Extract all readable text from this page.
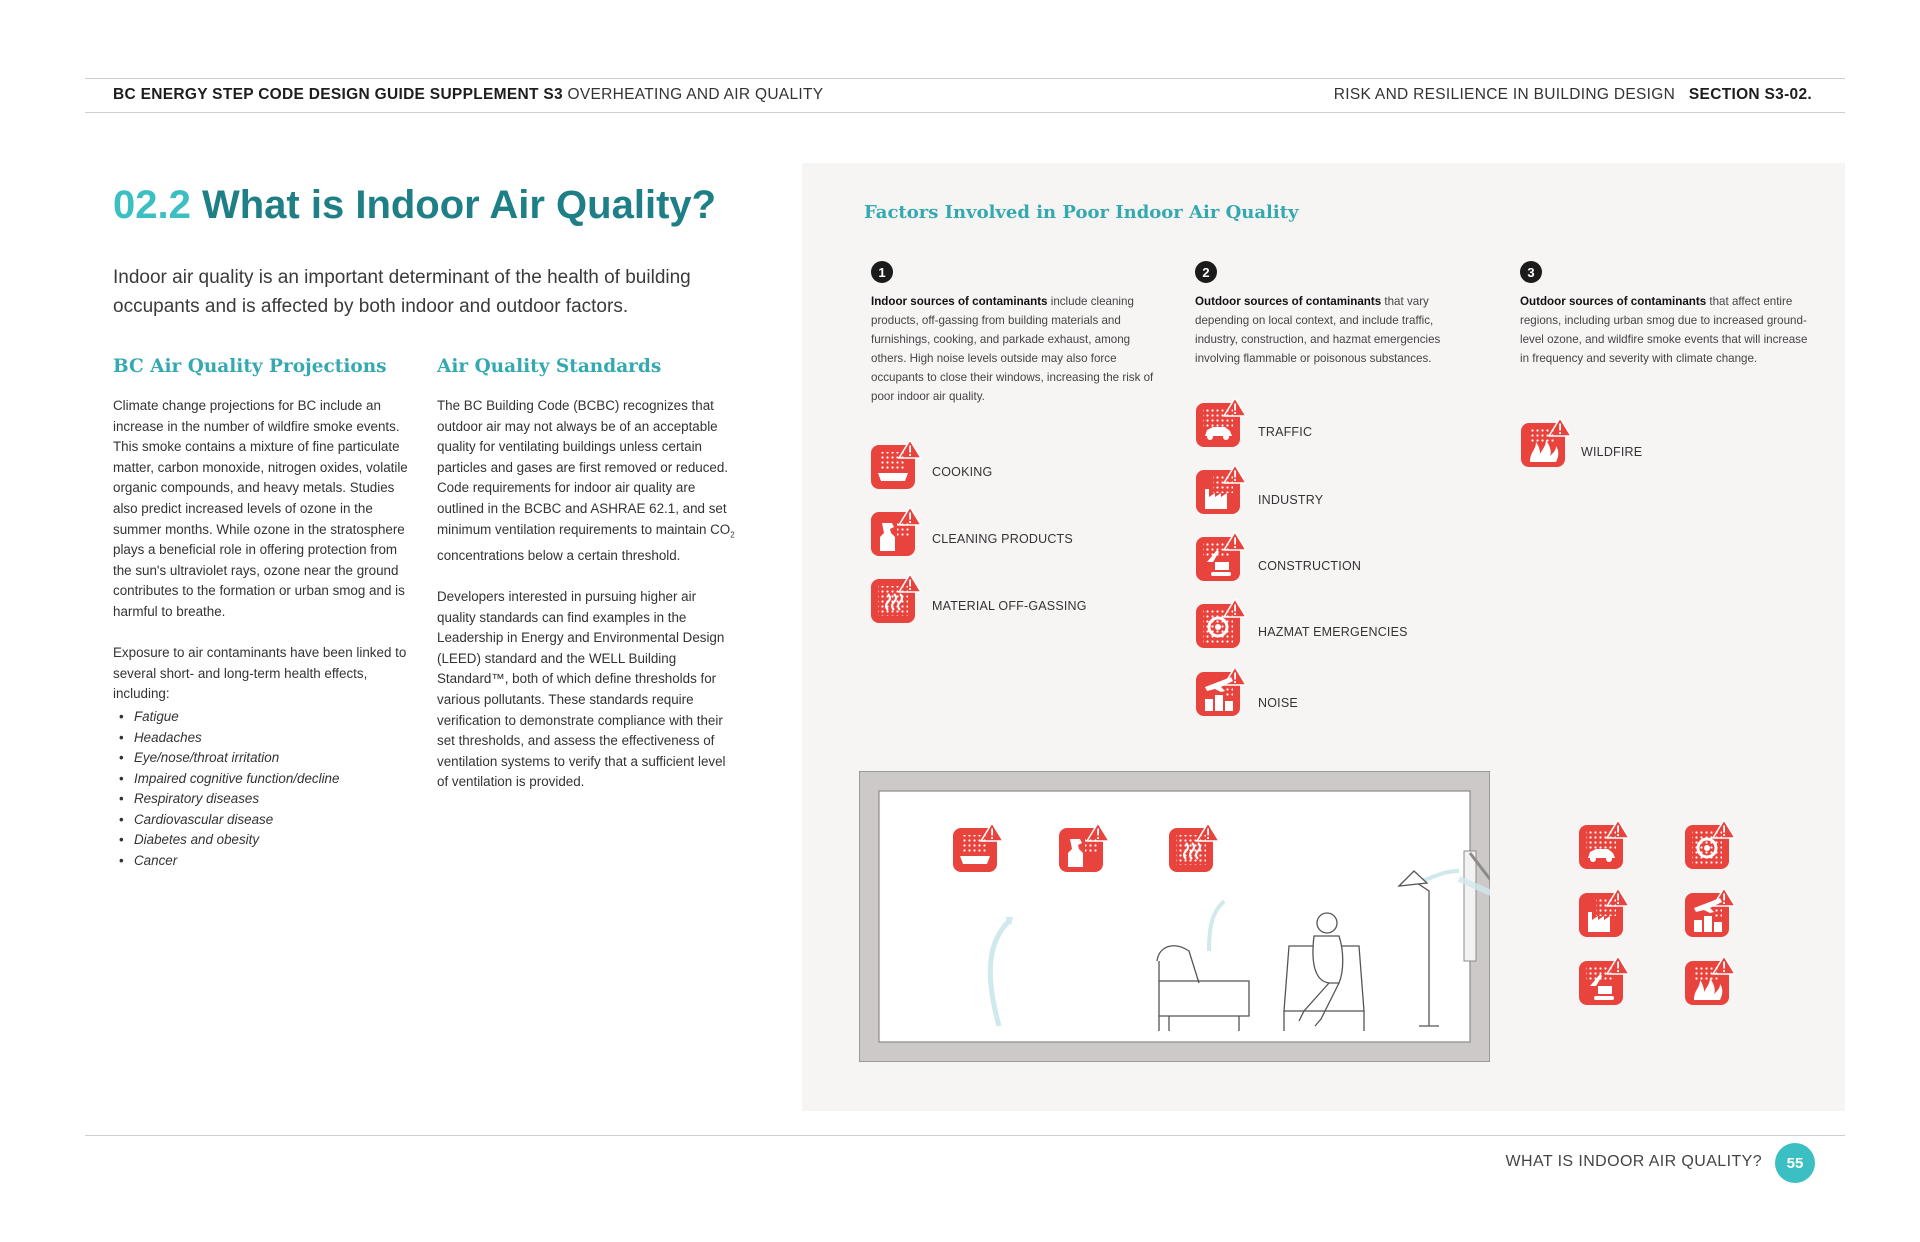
BC ENERGY STEP CODE DESIGN GUIDE SUPPLEMENT S3 OVERHEATING AND AIR QUALITY	RISK AND RESILIENCE IN BUILDING DESIGN SECTION S3-02.
02.2 What is Indoor Air Quality?
Indoor air quality is an important determinant of the health of building occupants and is affected by both indoor and outdoor factors.
BC Air Quality Projections

Climate change projections for BC include an increase in the number of wildfire smoke events. This smoke contains a mixture of fine particulate matter, carbon monoxide, nitrogen oxides, volatile organic compounds, and heavy metals. Studies also predict increased levels of ozone in the summer months. While ozone in the stratosphere plays a beneficial role in offering protection from the sun's ultraviolet rays, ozone near the ground contributes to the formation or urban smog and is harmful to breathe.

Exposure to air contaminants have been linked to several short- and long-term health effects, including:

• Fatigue
• Headaches
• Eye/nose/throat irritation
• Impaired cognitive function/decline
• Respiratory diseases
• Cardiovascular disease
• Diabetes and obesity
• Cancer
Air Quality Standards

The BC Building Code (BCBC) recognizes that outdoor air may not always be of an acceptable quality for ventilating buildings unless certain particles and gases are first removed or reduced. Code requirements for indoor air quality are outlined in the BCBC and ASHRAE 62.1, and set minimum ventilation requirements to maintain $CO_2$ concentrations below a certain threshold.

Developers interested in pursuing higher air quality standards can find examples in the Leadership in Energy and Environmental Design (LEED) standard and the WELL Building Standard™, both of which define thresholds for various pollutants. These standards require verification to demonstrate compliance with their set thresholds, and assess the effectiveness of ventilation systems to verify that a sufficient level of ventilation is provided.

Factors Involved in Poor Indoor Air Quality
1
Indoor sources of contaminants include cleaning products, off-gassing from building materials and furnishings, cooking, and parkade exhaust, among others. High noise levels outside may also force occupants to close their windows, increasing the risk of poor indoor air quality.
2
Outdoor sources of contaminants that vary depending on local context, and include traffic, industry, construction, and hazmat emergencies involving flammable or poisonous substances.
3
Outdoor sources of contaminants that affect entire regions, including urban smog due to increased ground-level ozone, and wildfire smoke events that will increase in frequency and severity with climate change.
COOKING
CLEANING PRODUCTS
MATERIAL OFF-GASSING
TRAFFIC
INDUSTRY
CONSTRUCTION
HAZMAT EMERGENCIES
NOISE
WILDFIRE
WHAT IS INDOOR AIR QUALITY?	55
